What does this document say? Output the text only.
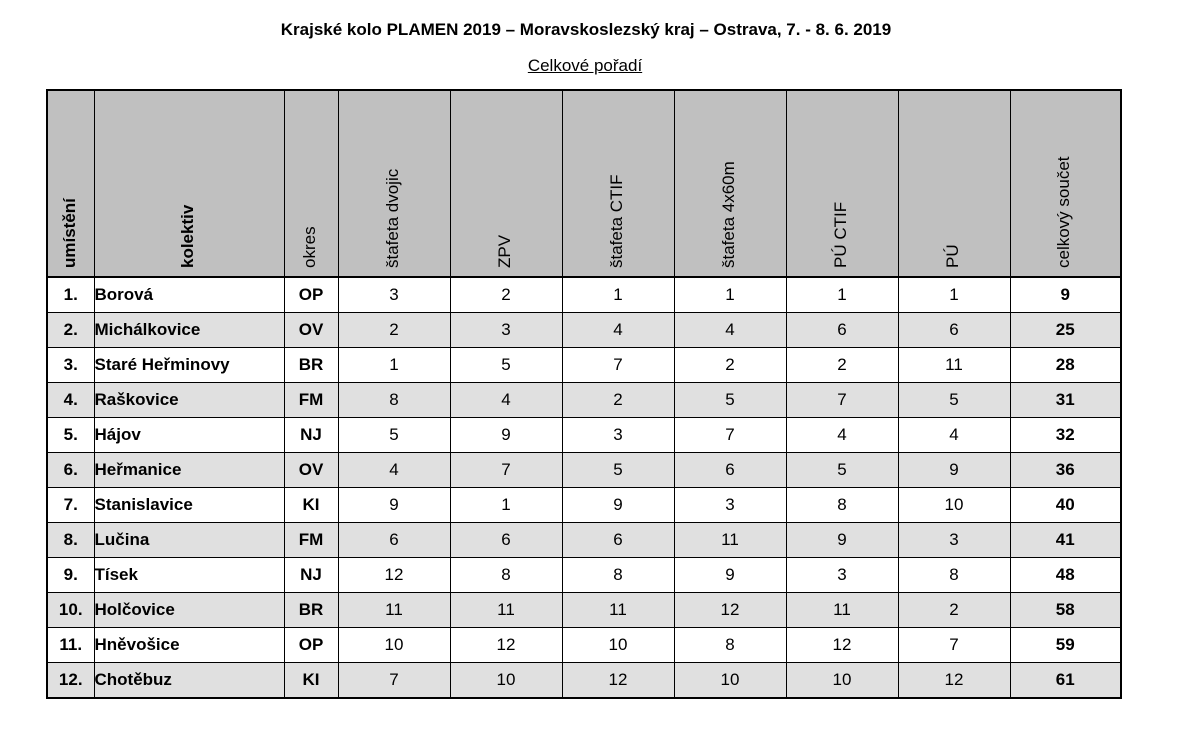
Krajské kolo PLAMEN 2019 – Moravskoslezský kraj – Ostrava, 7. - 8. 6. 2019
Celkové pořadí
umístění	kolektiv	okres	štafeta dvojic	ZPV	štafeta CTIF	štafeta 4x60m	PÚ CTIF	PÚ	celkový součet

1.	Borová	OP	3	2	1	1	1	1	9
2.	Michálkovice	OV	2	3	4	4	6	6	25
3.	Staré Heřminovy	BR	1	5	7	2	2	11	28
4.	Raškovice	FM	8	4	2	5	7	5	31
5.	Hájov	NJ	5	9	3	7	4	4	32
6.	Heřmanice	OV	4	7	5	6	5	9	36
7.	Stanislavice	KI	9	1	9	3	8	10	40
8.	Lučina	FM	6	6	6	11	9	3	41
9.	Tísek	NJ	12	8	8	9	3	8	48
10.	Holčovice	BR	11	11	11	12	11	2	58
11.	Hněvošice	OP	10	12	10	8	12	7	59
12.	Chotěbuz	KI	7	10	12	10	10	12	61
